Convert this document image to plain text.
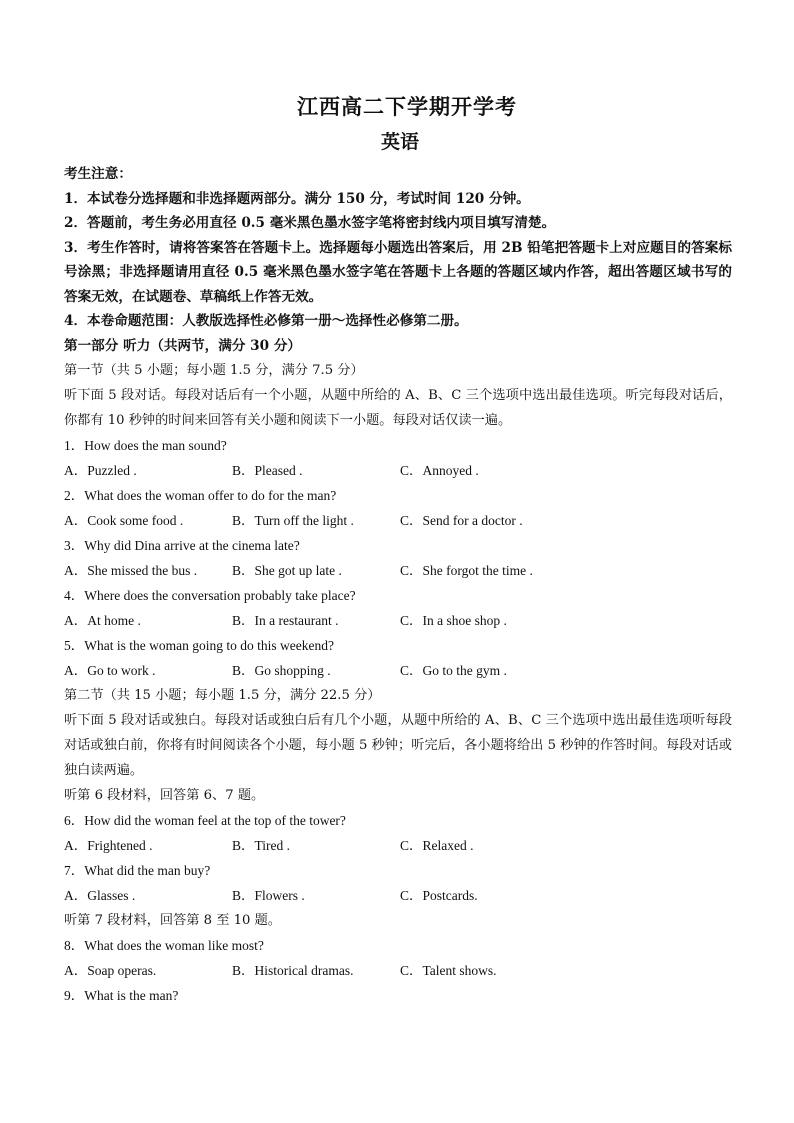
江西高二下学期开学考
英语
考生注意：
1．本试卷分选择题和非选择题两部分。满分 150 分，考试时间 120 分钟。
2．答题前，考生务必用直径 0.5 毫米黑色墨水签字笔将密封线内项目填写清楚。
3．考生作答时，请将答案答在答题卡上。选择题每小题选出答案后，用 2B 铅笔把答题卡上对应题目的答案标号涂黑；非选择题请用直径 0.5 毫米黑色墨水签字笔在答题卡上各题的答题区域内作答，超出答题区域书写的答案无效，在试题卷、草稿纸上作答无效。
4．本卷命题范围：人教版选择性必修第一册～选择性必修第二册。
第一部分 听力（共两节，满分 30 分）
第一节（共 5 小题；每小题 1.5 分，满分 7.5 分）
听下面 5 段对话。每段对话后有一个小题，从题中所给的 A、B、C 三个选项中选出最佳选项。听完每段对话后，你都有 10 秒钟的时间来回答有关小题和阅读下一小题。每段对话仅读一遍。
1．How does the man sound?
A．Puzzled .	B．Pleased .	C．Annoyed .
2．What does the woman offer to do for the man?
A．Cook some food .	B．Turn off the light .	C．Send for a doctor .
3．Why did Dina arrive at the cinema late?
A．She missed the bus .	B．She got up late .	C．She forgot the time .
4．Where does the conversation probably take place?
A．At home .	B．In a restaurant .	C．In a shoe shop .
5．What is the woman going to do this weekend?
A．Go to work .	B．Go shopping .	C．Go to the gym .
第二节（共 15 小题；每小题 1.5 分，满分 22.5 分）
听下面 5 段对话或独白。每段对话或独白后有几个小题，从题中所给的 A、B、C 三个选项中选出最佳选项听每段对话或独白前，你将有时间阅读各个小题，每小题 5 秒钟；听完后，各小题将给出 5 秒钟的作答时间。每段对话或独白读两遍。
听第 6 段材料，回答第 6、7 题。
6．How did the woman feel at the top of the tower?
A．Frightened .	B．Tired .	C．Relaxed .
7．What did the man buy?
A．Glasses .	B．Flowers .	C．Postcards.
听第 7 段材料，回答第 8 至 10 题。
8．What does the woman like most?
A．Soap operas.	B．Historical dramas.	C．Talent shows.
9．What is the man?
